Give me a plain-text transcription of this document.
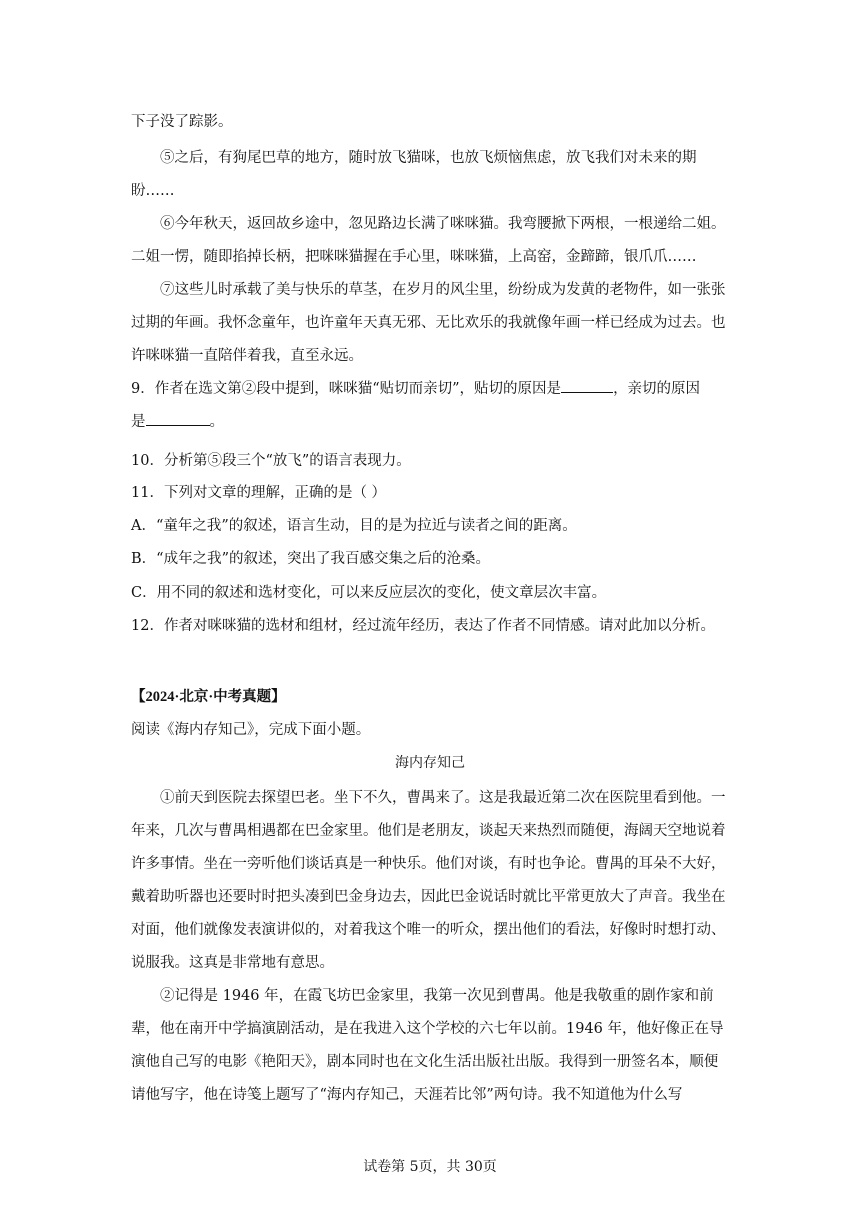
下子没了踪影。
⑤之后，有狗尾巴草的地方，随时放飞猫咪，也放飞烦恼焦虑，放飞我们对未来的期盼……
⑥今年秋天，返回故乡途中，忽见路边长满了咪咪猫。我弯腰掀下两根，一根递给二姐。二姐一愣，随即掐掉长柄，把咪咪猫握在手心里，咪咪猫，上高窑，金蹄蹄，银爪爪……
⑦这些儿时承载了美与快乐的草茎，在岁月的风尘里，纷纷成为发黄的老物件，如一张张过期的年画。我怀念童年，也许童年天真无邪、无比欢乐的我就像年画一样已经成为过去。也许咪咪猫一直陪伴着我，直至永远。
9．作者在选文第②段中提到，咪咪猫“贴切而亲切”，贴切的原因是	，亲切的原因
是	。
10．分析第⑤段三个“放飞”的语言表现力。
11．下列对文章的理解，正确的是（ ）
A．“童年之我”的叙述，语言生动，目的是为拉近与读者之间的距离。
B．“成年之我”的叙述，突出了我百感交集之后的沧桑。
C．用不同的叙述和选材变化，可以来反应层次的变化，使文章层次丰富。
12．作者对咪咪猫的选材和组材，经过流年经历，表达了作者不同情感。请对此加以分析。
【2024·北京·中考真题】
阅读《海内存知己》，完成下面小题。
海内存知己
①前天到医院去探望巴老。坐下不久，曹禺来了。这是我最近第二次在医院里看到他。一年来，几次与曹禺相遇都在巴金家里。他们是老朋友，谈起天来热烈而随便，海阔天空地说着许多事情。坐在一旁听他们谈话真是一种快乐。他们对谈，有时也争论。曹禺的耳朵不大好，戴着助听器也还要时时把头凑到巴金身边去，因此巴金说话时就比平常更放大了声音。我坐在对面，他们就像发表演讲似的，对着我这个唯一的听众，摆出他们的看法，好像时时想打动、说服我。这真是非常地有意思。
②记得是 1946 年，在霞飞坊巴金家里，我第一次见到曹禺。他是我敬重的剧作家和前辈，他在南开中学搞演剧活动，是在我进入这个学校的六七年以前。1946 年，他好像正在导演他自己写的电影《艳阳天》，剧本同时也在文化生活出版社出版。我得到一册签名本，顺便请他写字，他在诗笺上题写了“海内存知己，天涯若比邻”两句诗。我不知道他为什么写
试卷第 5页，共 30页
